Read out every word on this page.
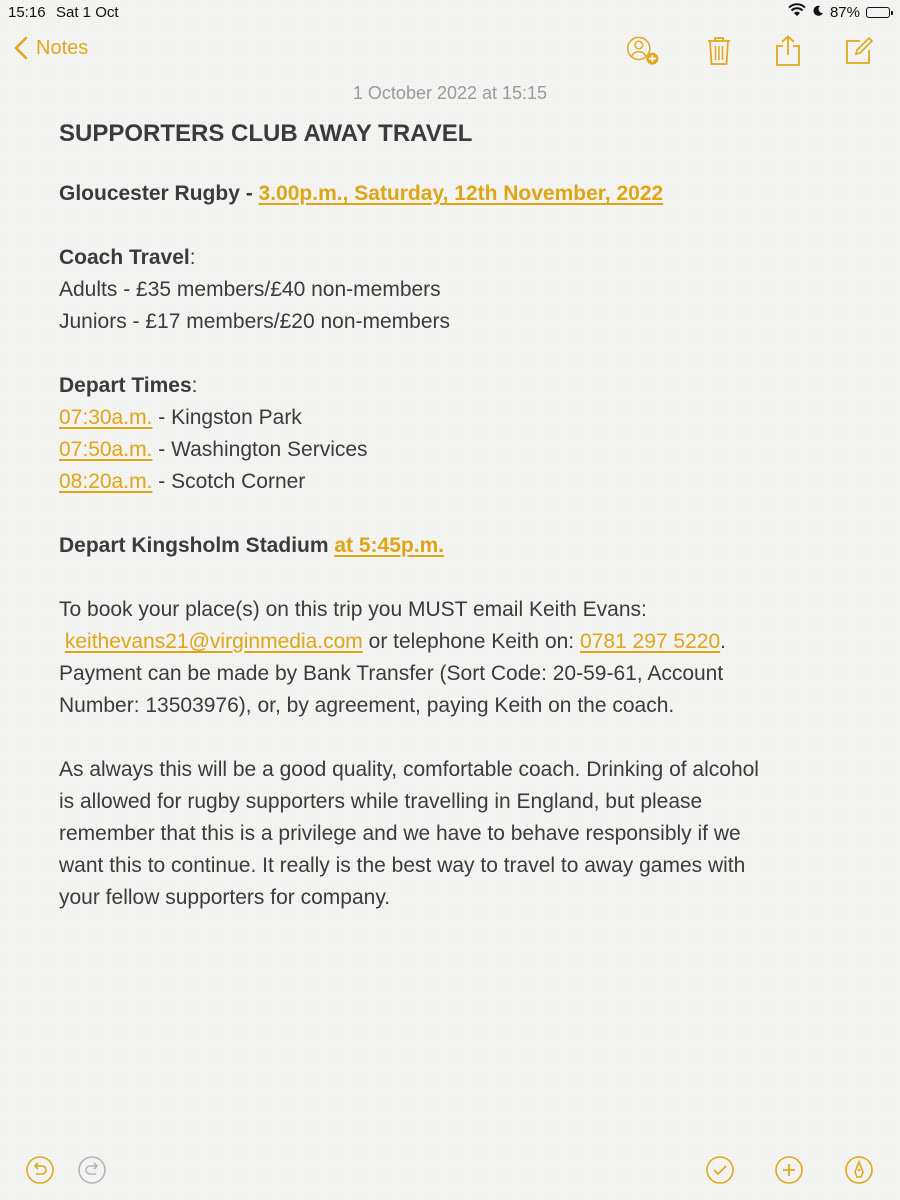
15:16 Sat 1 Oct	87%
Notes
1 October 2022 at 15:15

SUPPORTERS CLUB AWAY TRAVEL

Gloucester Rugby - 3.00p.m., Saturday, 12th November, 2022

Coach Travel:

Adults - £35 members/£40 non-members

Juniors - £17 members/£20 non-members

Depart Times:

07:30a.m. - Kingston Park

07:50a.m. - Washington Services

08:20a.m. - Scotch Corner

Depart Kingsholm Stadium at 5:45p.m.

To book your place(s) on this trip you MUST email Keith Evans:

keithevans21@virginmedia.com or telephone Keith on: 0781 297 5220.

Payment can be made by Bank Transfer (Sort Code: 20-59-61, Account

Number: 13503976), or, by agreement, paying Keith on the coach.

As always this will be a good quality, comfortable coach. Drinking of alcohol

is allowed for rugby supporters while travelling in England, but please

remember that this is a privilege and we have to behave responsibly if we

want this to continue. It really is the best way to travel to away games with

your fellow supporters for company.
